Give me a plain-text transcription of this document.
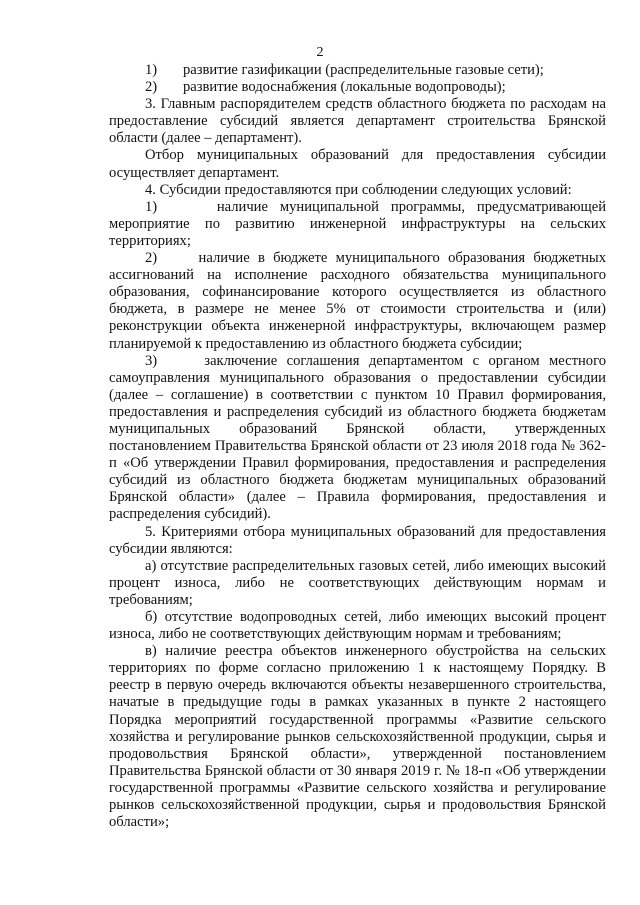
2
1)	развитие газификации (распределительные газовые сети);
2)	развитие водоснабжения (локальные водопроводы);

3. Главным распорядителем средств областного бюджета по расходам на предоставление субсидий является департамент строительства Брянской области (далее – департамент).

Отбор муниципальных образований для предоставления субсидии осуществляет департамент.

4. Субсидии предоставляются при соблюдении следующих условий:

1)     наличие муниципальной программы, предусматривающей мероприятие по развитию инженерной инфраструктуры на сельских территориях;

2)     наличие в бюджете муниципального образования бюджетных ассигнований на исполнение расходного обязательства муниципального образования, софинансирование которого осуществляется из областного бюджета, в размере не менее 5% от стоимости строительства и (или) реконструкции объекта инженерной инфраструктуры, включающем размер планируемой к предоставлению из областного бюджета субсидии;

3)     заключение соглашения департаментом с органом местного самоуправления муниципального образования о предоставлении субсидии (далее – соглашение) в соответствии с пунктом 10 Правил формирования, предоставления и распределения субсидий из областного бюджета бюджетам муниципальных образований Брянской области, утвержденных постановлением Правительства Брянской области от 23 июля 2018 года № 362-п «Об утверждении Правил формирования, предоставления и распределения субсидий из областного бюджета бюджетам муниципальных образований Брянской области» (далее – Правила формирования, предоставления и распределения субсидий).

5. Критериями отбора муниципальных образований для предоставления субсидии являются:

а) отсутствие распределительных газовых сетей, либо имеющих высокий процент износа, либо не соответствующих действующим нормам и требованиям;

б) отсутствие водопроводных сетей, либо имеющих высокий процент износа, либо не соответствующих действующим нормам и требованиям;

в) наличие реестра объектов инженерного обустройства на сельских территориях по форме согласно приложению 1 к настоящему Порядку. В реестр в первую очередь включаются объекты незавершенного строительства, начатые в предыдущие годы в рамках указанных в пункте 2 настоящего Порядка мероприятий государственной программы «Развитие сельского хозяйства и регулирование рынков сельскохозяйственной продукции, сырья и продовольствия Брянской области», утвержденной постановлением Правительства Брянской области от 30 января 2019 г. № 18-п «Об утверждении государственной программы «Развитие сельского хозяйства и регулирование рынков сельскохозяйственной продукции, сырья и продовольствия Брянской области»;
